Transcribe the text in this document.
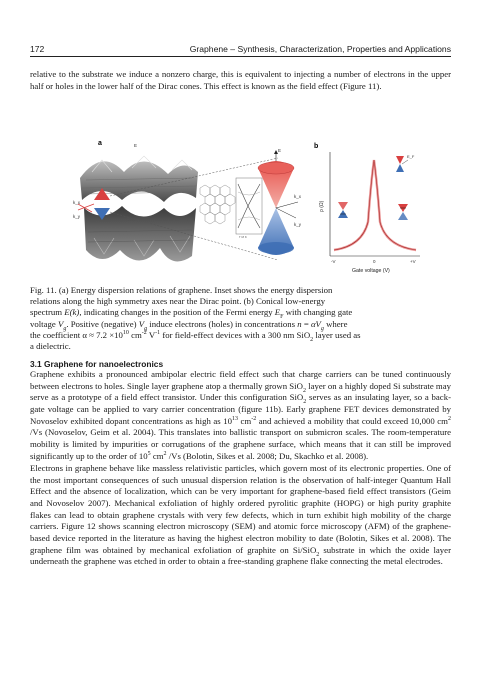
172	Graphene – Synthesis, Characterization, Properties and Applications

relative to the substrate we induce a nonzero charge, this is equivalent to injecting a number of electrons in the upper half or holes in the lower half of the Dirac cones. This effect is known as the field effect (Figure 11).

a
k_x
k_y
E
Γ M K
E
k_x
k_y
b
ρ (Ω)
-V	0	+V
Gate voltage (V)
E_F

Fig. 11. (a) Energy dispersion relations of graphene. Inset shows the energy dispersion
relations along the high symmetry axes near the Dirac point. (b) Conical low-energy
spectrum E(k), indicating changes in the position of the Fermi energy $E_F$ with changing gate
voltage $V_g$. Positive (negative) $V_g$ induce electrons (holes) in concentrations $n = \alpha V_g$ where
the coefficient $\alpha \approx 7.2 \times 10^{10}$ $cm^{-2}$ $V^{-1}$ for field-effect devices with a 300 nm SiO$_2$ layer used as
a dielectric.

3.1 Graphene for nanoelectronics

Graphene exhibits a pronounced ambipolar electric field effect such that charge carriers can be tuned continuously between electrons to holes. Single layer graphene atop a thermally grown SiO$_2$ layer on a highly doped Si substrate may serve as a prototype of a field effect transistor. Under this configuration SiO$_2$ serves as an insulating layer, so a back-gate voltage can be applied to vary carrier concentration (figure 11b). Early graphene FET devices demonstrated by Novoselov exhibited dopant concentrations as high as $10^{13}$ $cm^{-2}$ and achieved a mobility that could exceed 10,000 $cm^2$ /Vs (Novoselov, Geim et al. 2004). This translates into ballistic transport on submicron scales. The room-temperature mobility is limited by impurities or corrugations of the graphene surface, which means that it can still be improved significantly up to the order of $10^5$ $cm^2$ /Vs (Bolotin, Sikes et al. 2008; Du, Skachko et al. 2008).

Electrons in graphene behave like massless relativistic particles, which govern most of its electronic properties. One of the most important consequences of such unusual dispersion relation is the observation of half-integer Quantum Hall Effect and the absence of localization, which can be very important for graphene-based field effect transistors (Geim and Novoselov 2007). Mechanical exfoliation of highly ordered pyrolitic graphite (HOPG) or high purity graphite flakes can lead to obtain graphene crystals with very few defects, which in turn exhibit high mobility of the charge carriers. Figure 12 shows scanning electron microscopy (SEM) and atomic force microscopy (AFM) of the graphene-based device reported in the literature as having the highest electron mobility to date (Bolotin, Sikes et al. 2008). The graphene film was obtained by mechanical exfoliation of graphite on Si/SiO$_2$ substrate in which the oxide layer underneath the graphene was etched in order to obtain a free-standing graphene flake connecting the metal electrodes.
